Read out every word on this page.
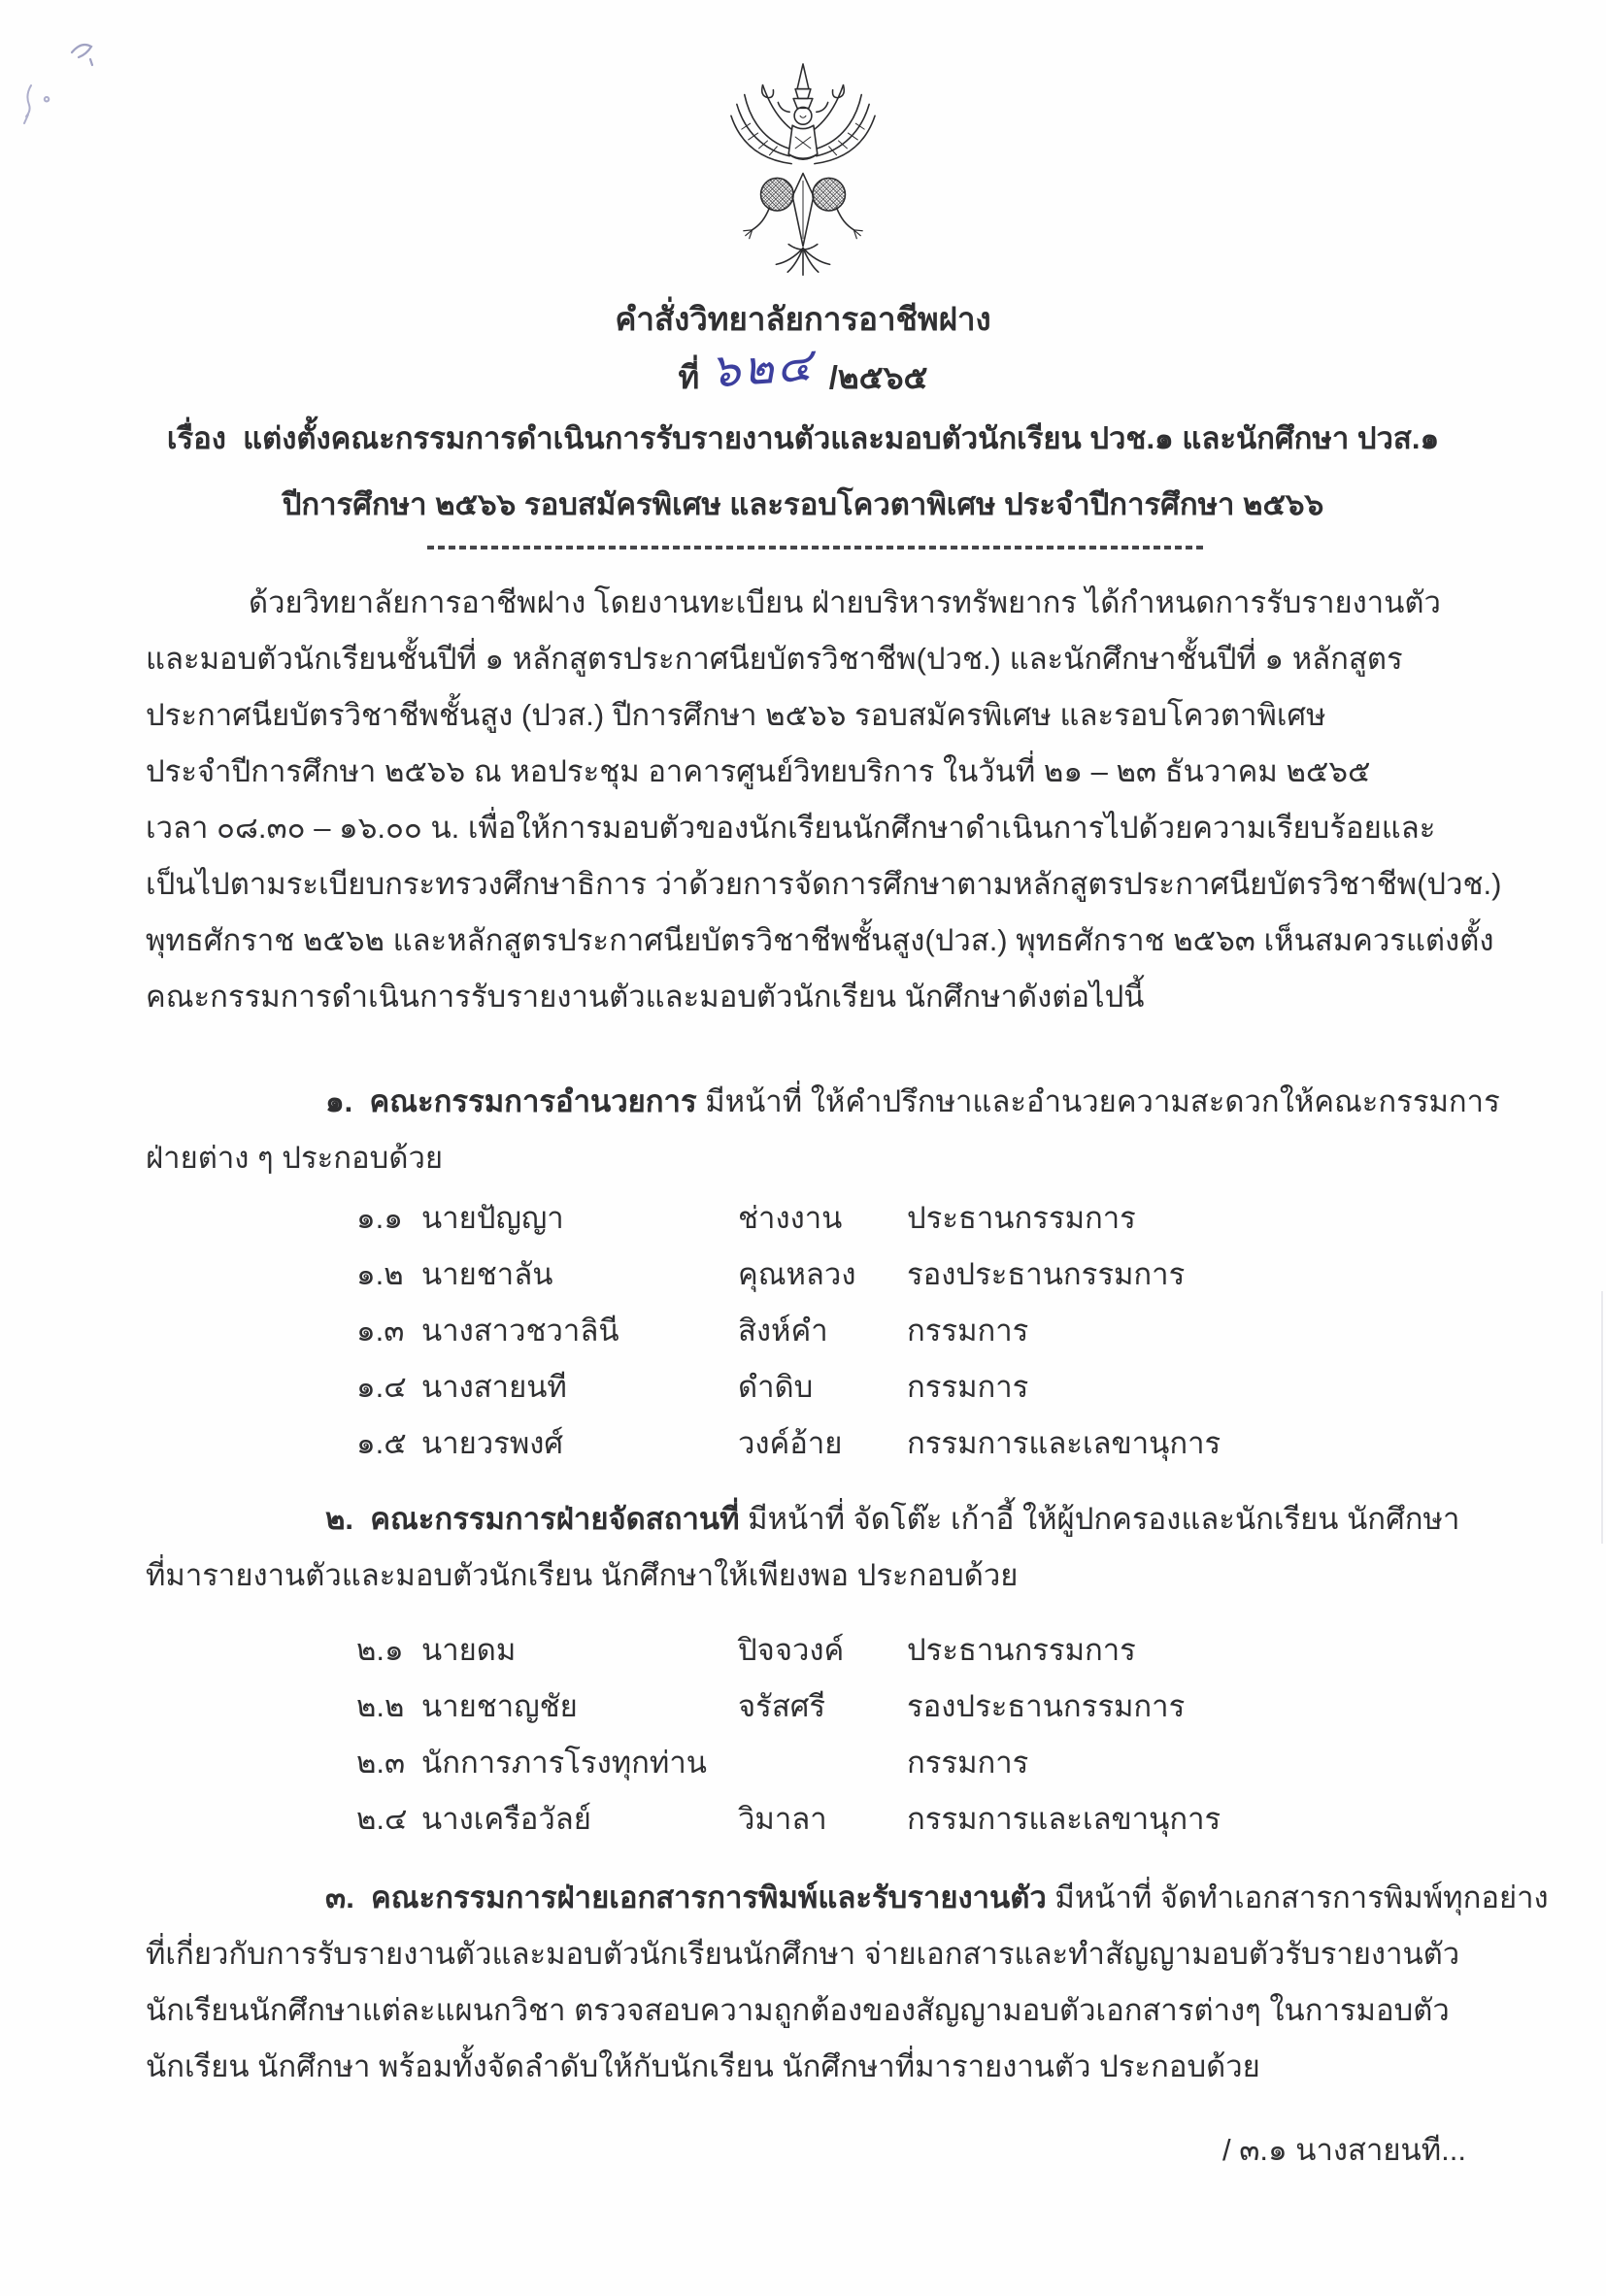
คำสั่งวิทยาลัยการอาชีพฝาง
ที่ ๖๒๔ /๒๕๖๕
เรื่อง  แต่งตั้งคณะกรรมการดำเนินการรับรายงานตัวและมอบตัวนักเรียน ปวช.๑ และนักศึกษา ปวส.๑
ปีการศึกษา ๒๕๖๖ รอบสมัครพิเศษ และรอบโควตาพิเศษ ประจำปีการศึกษา ๒๕๖๖
ด้วยวิทยาลัยการอาชีพฝาง โดยงานทะเบียน ฝ่ายบริหารทรัพยากร ได้กำหนดการรับรายงานตัว
และมอบตัวนักเรียนชั้นปีที่ ๑ หลักสูตรประกาศนียบัตรวิชาชีพ(ปวช.) และนักศึกษาชั้นปีที่ ๑ หลักสูตร
ประกาศนียบัตรวิชาชีพชั้นสูง (ปวส.) ปีการศึกษา ๒๕๖๖ รอบสมัครพิเศษ และรอบโควตาพิเศษ
ประจำปีการศึกษา ๒๕๖๖ ณ หอประชุม อาคารศูนย์วิทยบริการ ในวันที่ ๒๑ – ๒๓ ธันวาคม ๒๕๖๕
เวลา ๐๘.๓๐ – ๑๖.๐๐ น. เพื่อให้การมอบตัวของนักเรียนนักศึกษาดำเนินการไปด้วยความเรียบร้อยและ
เป็นไปตามระเบียบกระทรวงศึกษาธิการ ว่าด้วยการจัดการศึกษาตามหลักสูตรประกาศนียบัตรวิชาชีพ(ปวช.)
พุทธศักราช ๒๕๖๒ และหลักสูตรประกาศนียบัตรวิชาชีพชั้นสูง(ปวส.) พุทธศักราช ๒๕๖๓ เห็นสมควรแต่งตั้ง
คณะกรรมการดำเนินการรับรายงานตัวและมอบตัวนักเรียน นักศึกษาดังต่อไปนี้
๑.  คณะกรรมการอำนวยการ มีหน้าที่ ให้คำปรึกษาและอำนวยความสะดวกให้คณะกรรมการ
ฝ่ายต่าง ๆ ประกอบด้วย
๑.๑ นายปัญญา	ช่างงาน	ประธานกรรมการ
๑.๒ นายชาลัน	คุณหลวง	รองประธานกรรมการ
๑.๓ นางสาวชวาลินี	สิงห์คำ	กรรมการ
๑.๔ นางสายนที	ดำดิบ	กรรมการ
๑.๕ นายวรพงศ์	วงค์อ้าย	กรรมการและเลขานุการ
๒.  คณะกรรมการฝ่ายจัดสถานที่ มีหน้าที่ จัดโต๊ะ เก้าอี้ ให้ผู้ปกครองและนักเรียน นักศึกษา
ที่มารายงานตัวและมอบตัวนักเรียน นักศึกษาให้เพียงพอ ประกอบด้วย
๒.๑ นายดม	ปิจจวงค์	ประธานกรรมการ
๒.๒ นายชาญชัย	จรัสศรี	รองประธานกรรมการ
๒.๓ นักการภารโรงทุกท่าน	กรรมการ
๒.๔ นางเครือวัลย์	วิมาลา	กรรมการและเลขานุการ
๓.  คณะกรรมการฝ่ายเอกสารการพิมพ์และรับรายงานตัว มีหน้าที่ จัดทำเอกสารการพิมพ์ทุกอย่าง
ที่เกี่ยวกับการรับรายงานตัวและมอบตัวนักเรียนนักศึกษา จ่ายเอกสารและทำสัญญามอบตัวรับรายงานตัว
นักเรียนนักศึกษาแต่ละแผนกวิชา ตรวจสอบความถูกต้องของสัญญามอบตัวเอกสารต่างๆ ในการมอบตัว
นักเรียน นักศึกษา พร้อมทั้งจัดลำดับให้กับนักเรียน นักศึกษาที่มารายงานตัว ประกอบด้วย
/ ๓.๑ นางสายนที...
